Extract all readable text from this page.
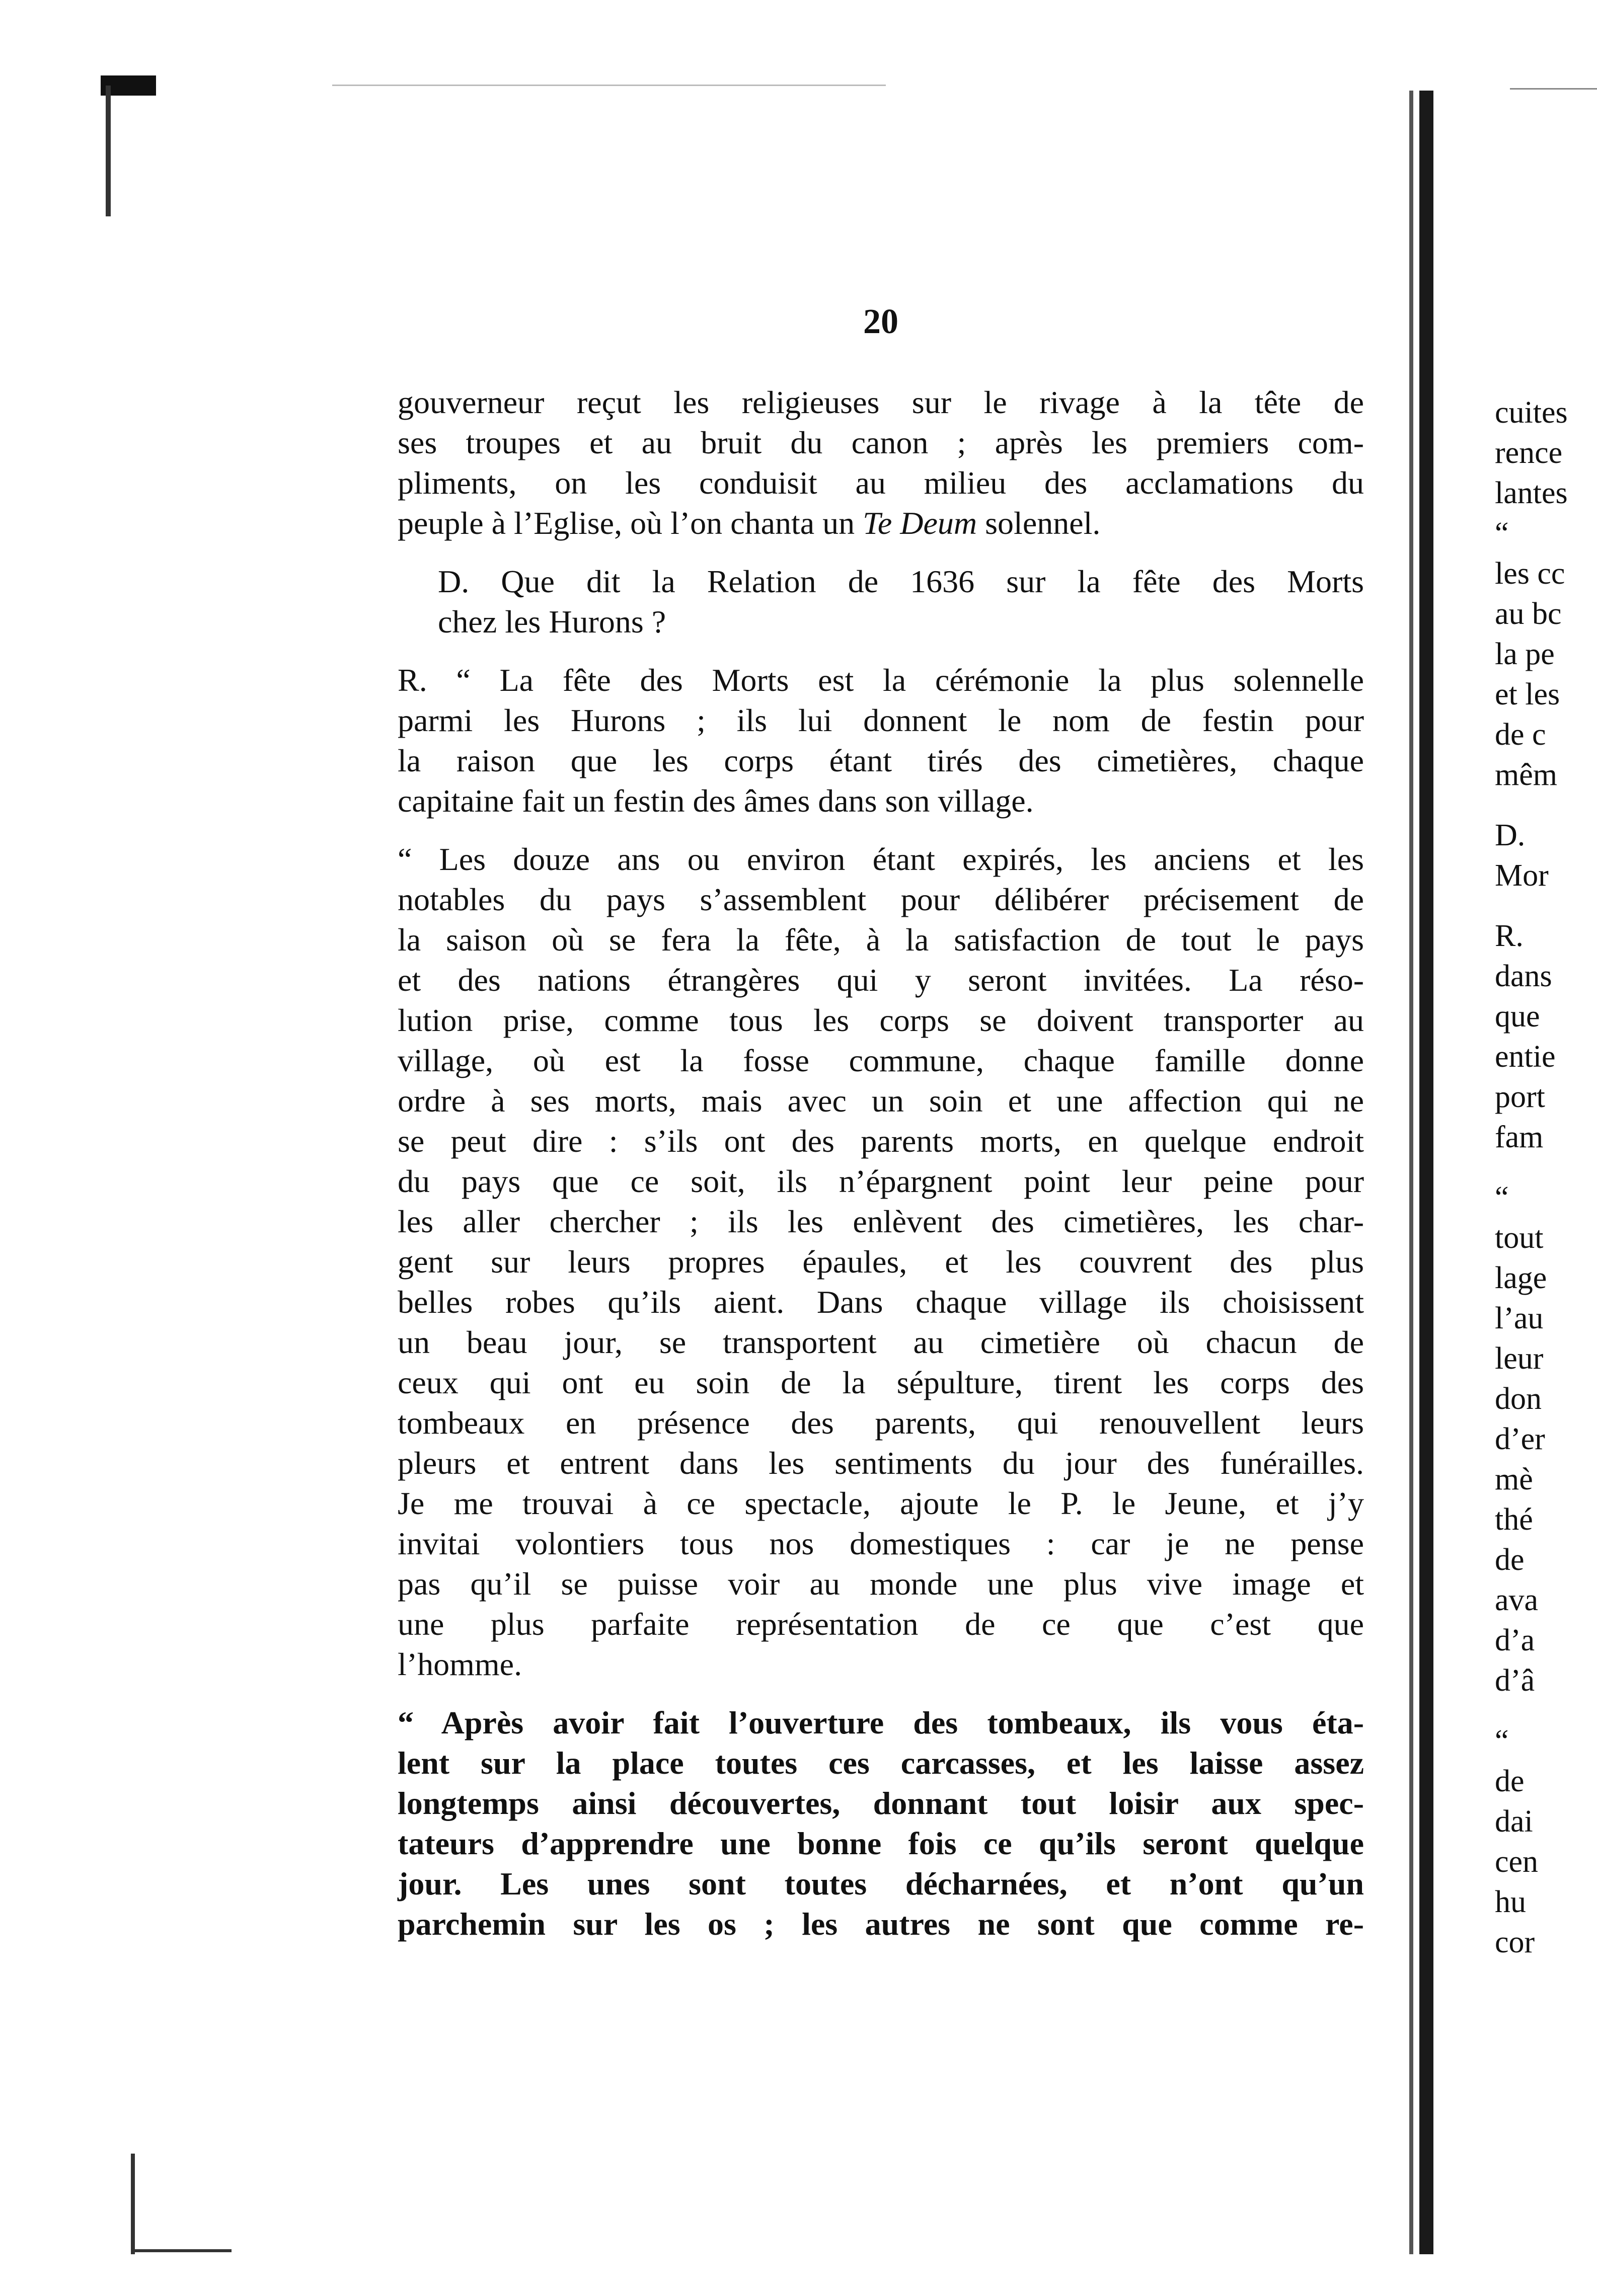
20

gouverneur reçut les religieuses sur le rivage à la tête de
ses troupes et au bruit du canon ; après les premiers com-
pliments, on les conduisit au milieu des acclamations du
peuple à l’Eglise, où l’on chanta un Te Deum solennel.

D. Que dit la Relation de 1636 sur la fête des Morts
chez les Hurons ?

R. “ La fête des Morts est la cérémonie la plus solennelle
parmi les Hurons ; ils lui donnent le nom de festin pour
la raison que les corps étant tirés des cimetières, chaque
capitaine fait un festin des âmes dans son village.

“ Les douze ans ou environ étant expirés, les anciens et les
notables du pays s’assemblent pour délibérer précisement de
la saison où se fera la fête, à la satisfaction de tout le pays
et des nations étrangères qui y seront invitées. La réso-
lution prise, comme tous les corps se doivent transporter au
village, où est la fosse commune, chaque famille donne
ordre à ses morts, mais avec un soin et une affection qui ne
se peut dire : s’ils ont des parents morts, en quelque endroit
du pays que ce soit, ils n’épargnent point leur peine pour
les aller chercher ; ils les enlèvent des cimetières, les char-
gent sur leurs propres épaules, et les couvrent des plus
belles robes qu’ils aient. Dans chaque village ils choisissent
un beau jour, se transportent au cimetière où chacun de
ceux qui ont eu soin de la sépulture, tirent les corps des
tombeaux en présence des parents, qui renouvellent leurs
pleurs et entrent dans les sentiments du jour des funérailles.
Je me trouvai à ce spectacle, ajoute le P. le Jeune, et j’y
invitai volontiers tous nos domestiques : car je ne pense
pas qu’il se puisse voir au monde une plus vive image et
une plus parfaite représentation de ce que c’est que
l’homme.

“ Après avoir fait l’ouverture des tombeaux, ils vous éta-
lent sur la place toutes ces carcasses, et les laisse assez
longtemps ainsi découvertes, donnant tout loisir aux spec-
tateurs d’apprendre une bonne fois ce qu’ils seront quelque
jour. Les unes sont toutes décharnées, et n’ont qu’un
parchemin sur les os ; les autres ne sont que comme re-

cuites
rence
lantes
“
les cc
au bc
la pe
et les
de c
mêm
D.
Mor
R.
dans
que
entie
port
fam
“
tout
lage
l’au
leur
don
d’er
mè
thé
de
ava
d’a
d’â
“
de
dai
cen
hu
cor
